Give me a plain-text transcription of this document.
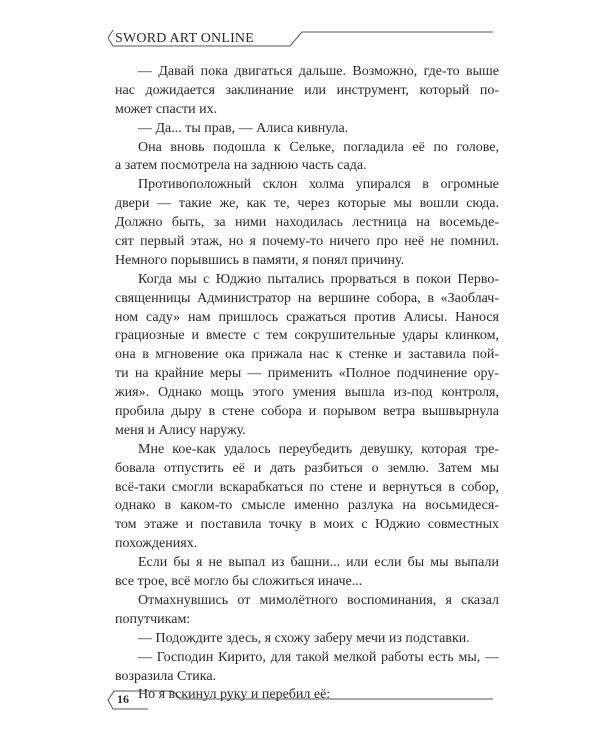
SWORD ART ONLINE
16
— Давай пока двигаться дальше. Возможно, где-то выше
нас дожидается заклинание или инструмент, который по-
может спасти их.
— Да... ты прав, — Алиса кивнула.
Она вновь подошла к Сельке, погладила её по голове,
а затем посмотрела на заднюю часть сада.
Противоположный склон холма упирался в огромные
двери — такие же, как те, через которые мы вошли сюда.
Должно быть, за ними находилась лестница на восемьде-
сят первый этаж, но я почему-то ничего про неё не помнил.
Немного порывшись в памяти, я понял причину.
Когда мы с Юджио пытались прорваться в покои Перво-
священницы Администратор на вершине собора, в «Заоблач-
ном саду» нам пришлось сражаться против Алисы. Нанося
грациозные и вместе с тем сокрушительные удары клинком,
она в мгновение ока прижала нас к стенке и заставила пой-
ти на крайние меры — применить «Полное подчинение ору-
жия». Однако мощь этого умения вышла из-под контроля,
пробила дыру в стене собора и порывом ветра вышвырнула
меня и Алису наружу.
Мне кое-как удалось переубедить девушку, которая тре-
бовала отпустить её и дать разбиться о землю. Затем мы
всё-таки смогли вскарабкаться по стене и вернуться в собор,
однако в каком-то смысле именно разлука на восьмидеся-
том этаже и поставила точку в моих с Юджио совместных
похождениях.
Если бы я не выпал из башни... или если бы мы выпали
все трое, всё могло бы сложиться иначе...
Отмахнувшись от мимолётного воспоминания, я сказал
попутчикам:
— Подождите здесь, я схожу заберу мечи из подставки.
— Господин Кирито, для такой мелкой работы есть мы, —
возразила Стика.
Но я вскинул руку и перебил её:
